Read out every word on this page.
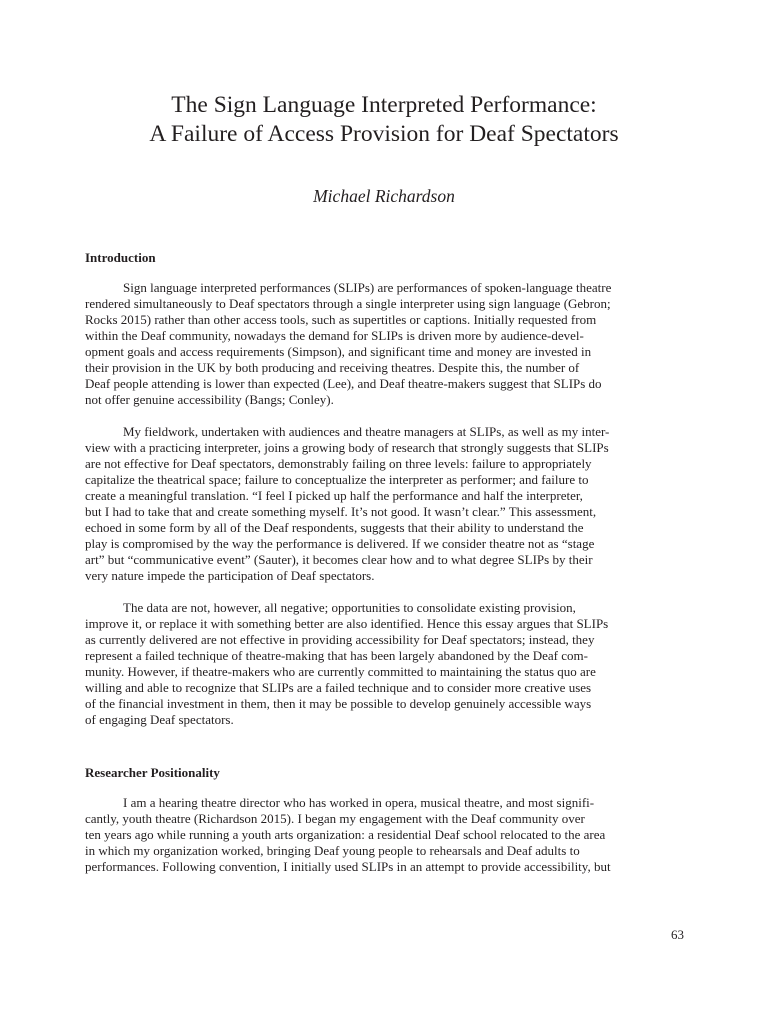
The Sign Language Interpreted Performance:
A Failure of Access Provision for Deaf Spectators

Michael Richardson

Introduction
Sign language interpreted performances (SLIPs) are performances of spoken-language theatre
rendered simultaneously to Deaf spectators through a single interpreter using sign language (Gebron;
Rocks 2015) rather than other access tools, such as supertitles or captions. Initially requested from
within the Deaf community, nowadays the demand for SLIPs is driven more by audience-devel-
opment goals and access requirements (Simpson), and significant time and money are invested in
their provision in the UK by both producing and receiving theatres. Despite this, the number of
Deaf people attending is lower than expected (Lee), and Deaf theatre-makers suggest that SLIPs do
not offer genuine accessibility (Bangs; Conley).
My fieldwork, undertaken with audiences and theatre managers at SLIPs, as well as my inter-
view with a practicing interpreter, joins a growing body of research that strongly suggests that SLIPs
are not effective for Deaf spectators, demonstrably failing on three levels: failure to appropriately
capitalize the theatrical space; failure to conceptualize the interpreter as performer; and failure to
create a meaningful translation. “I feel I picked up half the performance and half the interpreter,
but I had to take that and create something myself. It’s not good. It wasn’t clear.” This assessment,
echoed in some form by all of the Deaf respondents, suggests that their ability to understand the
play is compromised by the way the performance is delivered. If we consider theatre not as “stage
art” but “communicative event” (Sauter), it becomes clear how and to what degree SLIPs by their
very nature impede the participation of Deaf spectators.
The data are not, however, all negative; opportunities to consolidate existing provision,
improve it, or replace it with something better are also identified. Hence this essay argues that SLIPs
as currently delivered are not effective in providing accessibility for Deaf spectators; instead, they
represent a failed technique of theatre-making that has been largely abandoned by the Deaf com-
munity. However, if theatre-makers who are currently committed to maintaining the status quo are
willing and able to recognize that SLIPs are a failed technique and to consider more creative uses
of the financial investment in them, then it may be possible to develop genuinely accessible ways
of engaging Deaf spectators.
Researcher Positionality
I am a hearing theatre director who has worked in opera, musical theatre, and most signifi-
cantly, youth theatre (Richardson 2015). I began my engagement with the Deaf community over
ten years ago while running a youth arts organization: a residential Deaf school relocated to the area
in which my organization worked, bringing Deaf young people to rehearsals and Deaf adults to
performances. Following convention, I initially used SLIPs in an attempt to provide accessibility, but

63
